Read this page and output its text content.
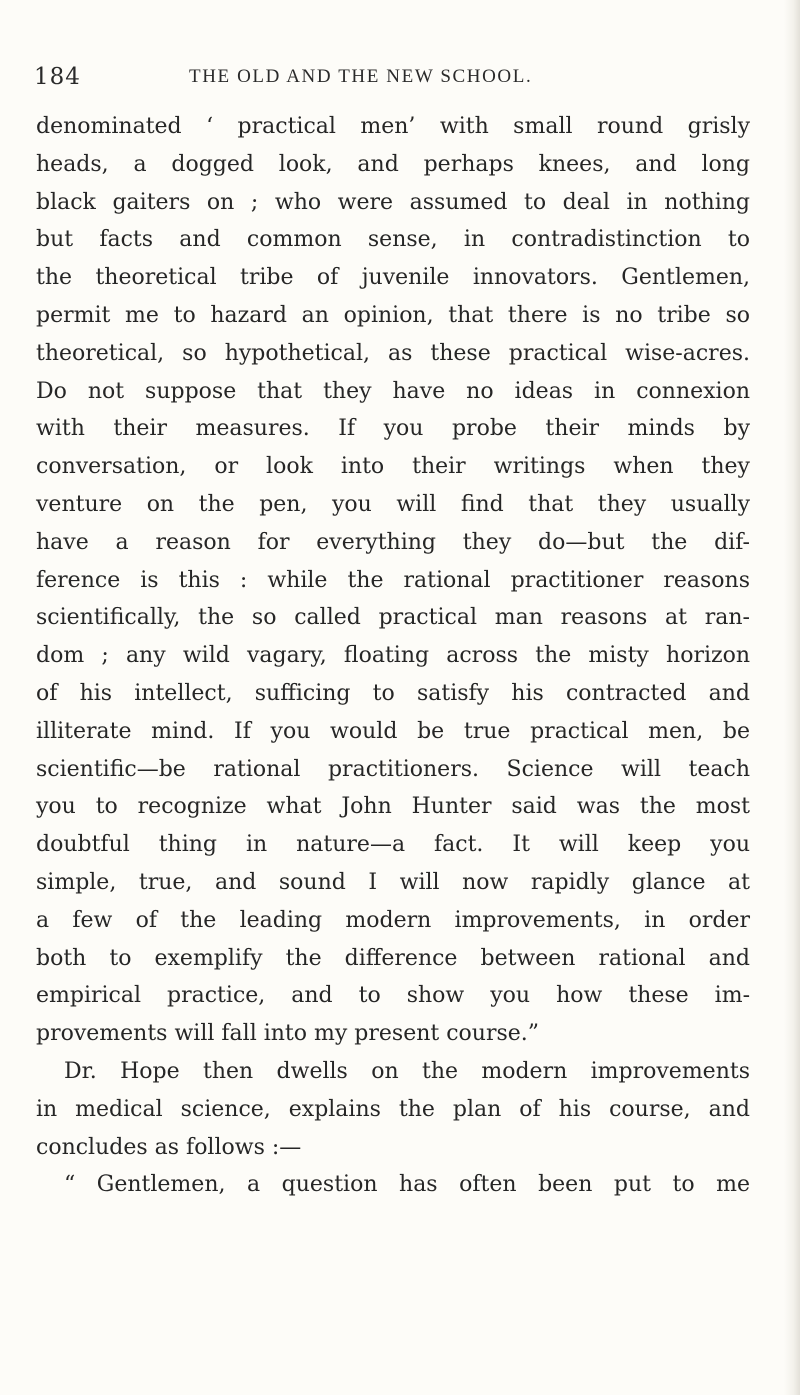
184	THE OLD AND THE NEW SCHOOL.
denominated ‘ practical men’ with small round grisly
heads, a dogged look, and perhaps knees, and long
black gaiters on ; who were assumed to deal in nothing
but facts and common sense, in contradistinction to
the theoretical tribe of juvenile innovators. Gentlemen,
permit me to hazard an opinion, that there is no tribe so
theoretical, so hypothetical, as these practical wise-acres.
Do not suppose that they have no ideas in connexion
with their measures. If you probe their minds by
conversation, or look into their writings when they
venture on the pen, you will find that they usually
have a reason for everything they do—but the dif-
ference is this : while the rational practitioner reasons
scientifically, the so called practical man reasons at ran-
dom ; any wild vagary, floating across the misty horizon
of his intellect, sufficing to satisfy his contracted and
illiterate mind. If you would be true practical men, be
scientific—be rational practitioners. Science will teach
you to recognize what John Hunter said was the most
doubtful thing in nature—a fact. It will keep you
simple, true, and sound I will now rapidly glance at
a few of the leading modern improvements, in order
both to exemplify the difference between rational and
empirical practice, and to show you how these im-
provements will fall into my present course.”
Dr. Hope then dwells on the modern improvements
in medical science, explains the plan of his course, and
concludes as follows :—
“ Gentlemen, a question has often been put to me
